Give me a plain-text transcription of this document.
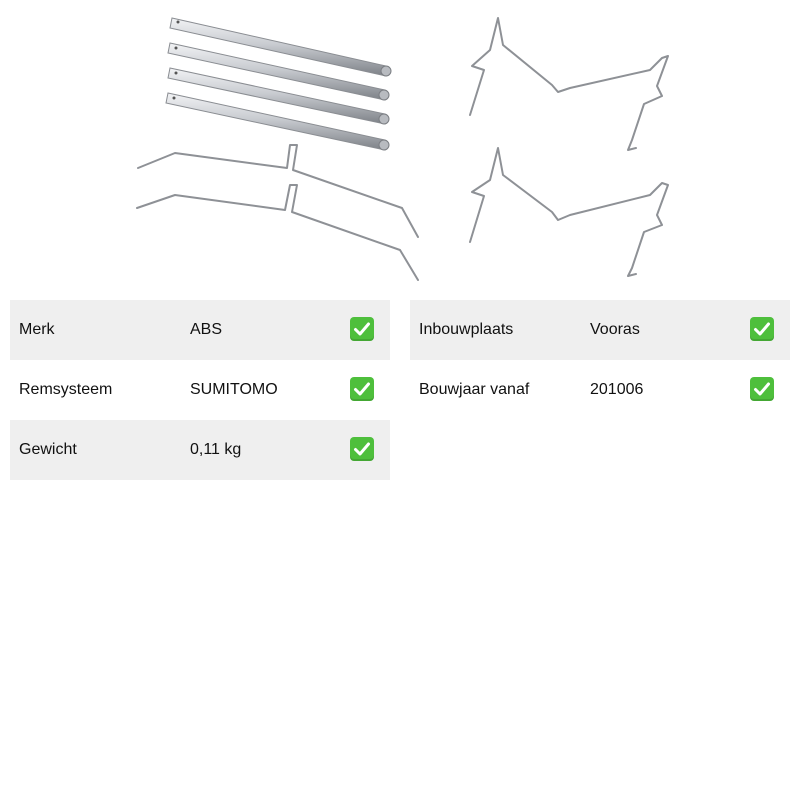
Merk	ABS
Remsysteem	SUMITOMO
Gewicht	0,11 kg
Inbouwplaats	Vooras
Bouwjaar vanaf	201006
